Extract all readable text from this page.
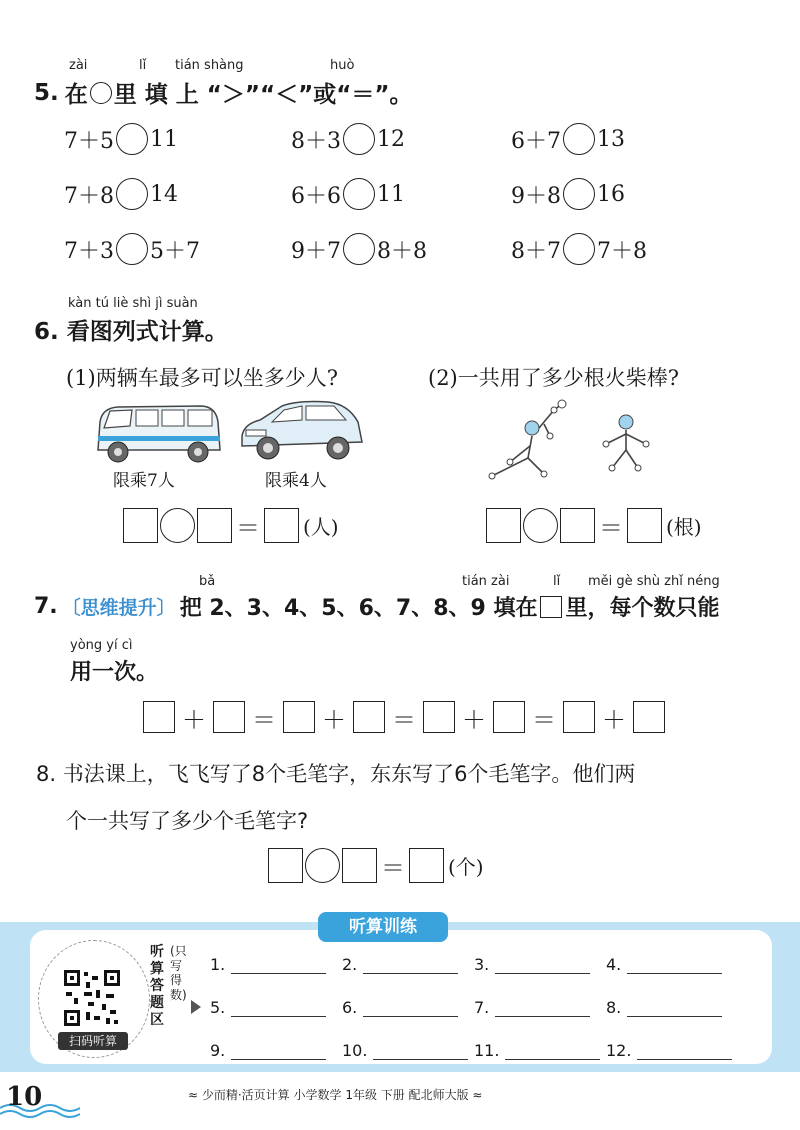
zài	lǐ tián shàng	huò
5. 在 里 填 上 “＞”“＜”或“＝”。
7＋5 11	8＋3 12	6＋7 13
7＋8 14	6＋6 11	9＋8 16
7＋3 5＋7	9＋7 8＋8	8＋7 7＋8
kàn tú liè shì jì suàn
6. 看图列式计算。
(1)两辆车最多可以坐多少人?	(2)一共用了多少根火柴棒?
限乘7人	限乘4人
＝ (人)	＝ (根)
bǎ	tián zài	lǐ měi gè shù zhǐ néng
7. 〔思维提升〕 把 2、3、4、5、6、7、8、9 填在 里，每个数只能
yòng yí cì
用一次。
＋ ＝ ＋ ＝ ＋ ＝ ＋
8. 书法课上，飞飞写了8个毛笔字，东东写了6个毛笔字。他们两
个一共写了多少个毛笔字?
＝ (个)
听算训练
扫码听算
听算答题区
(只写得数)
1.	2.	3.	4.
5.	6.	7.	8.
9.	10.	11.	12.
10	≈ 少而精·活页计算 小学数学 1年级 下册 配北师大版 ≈
